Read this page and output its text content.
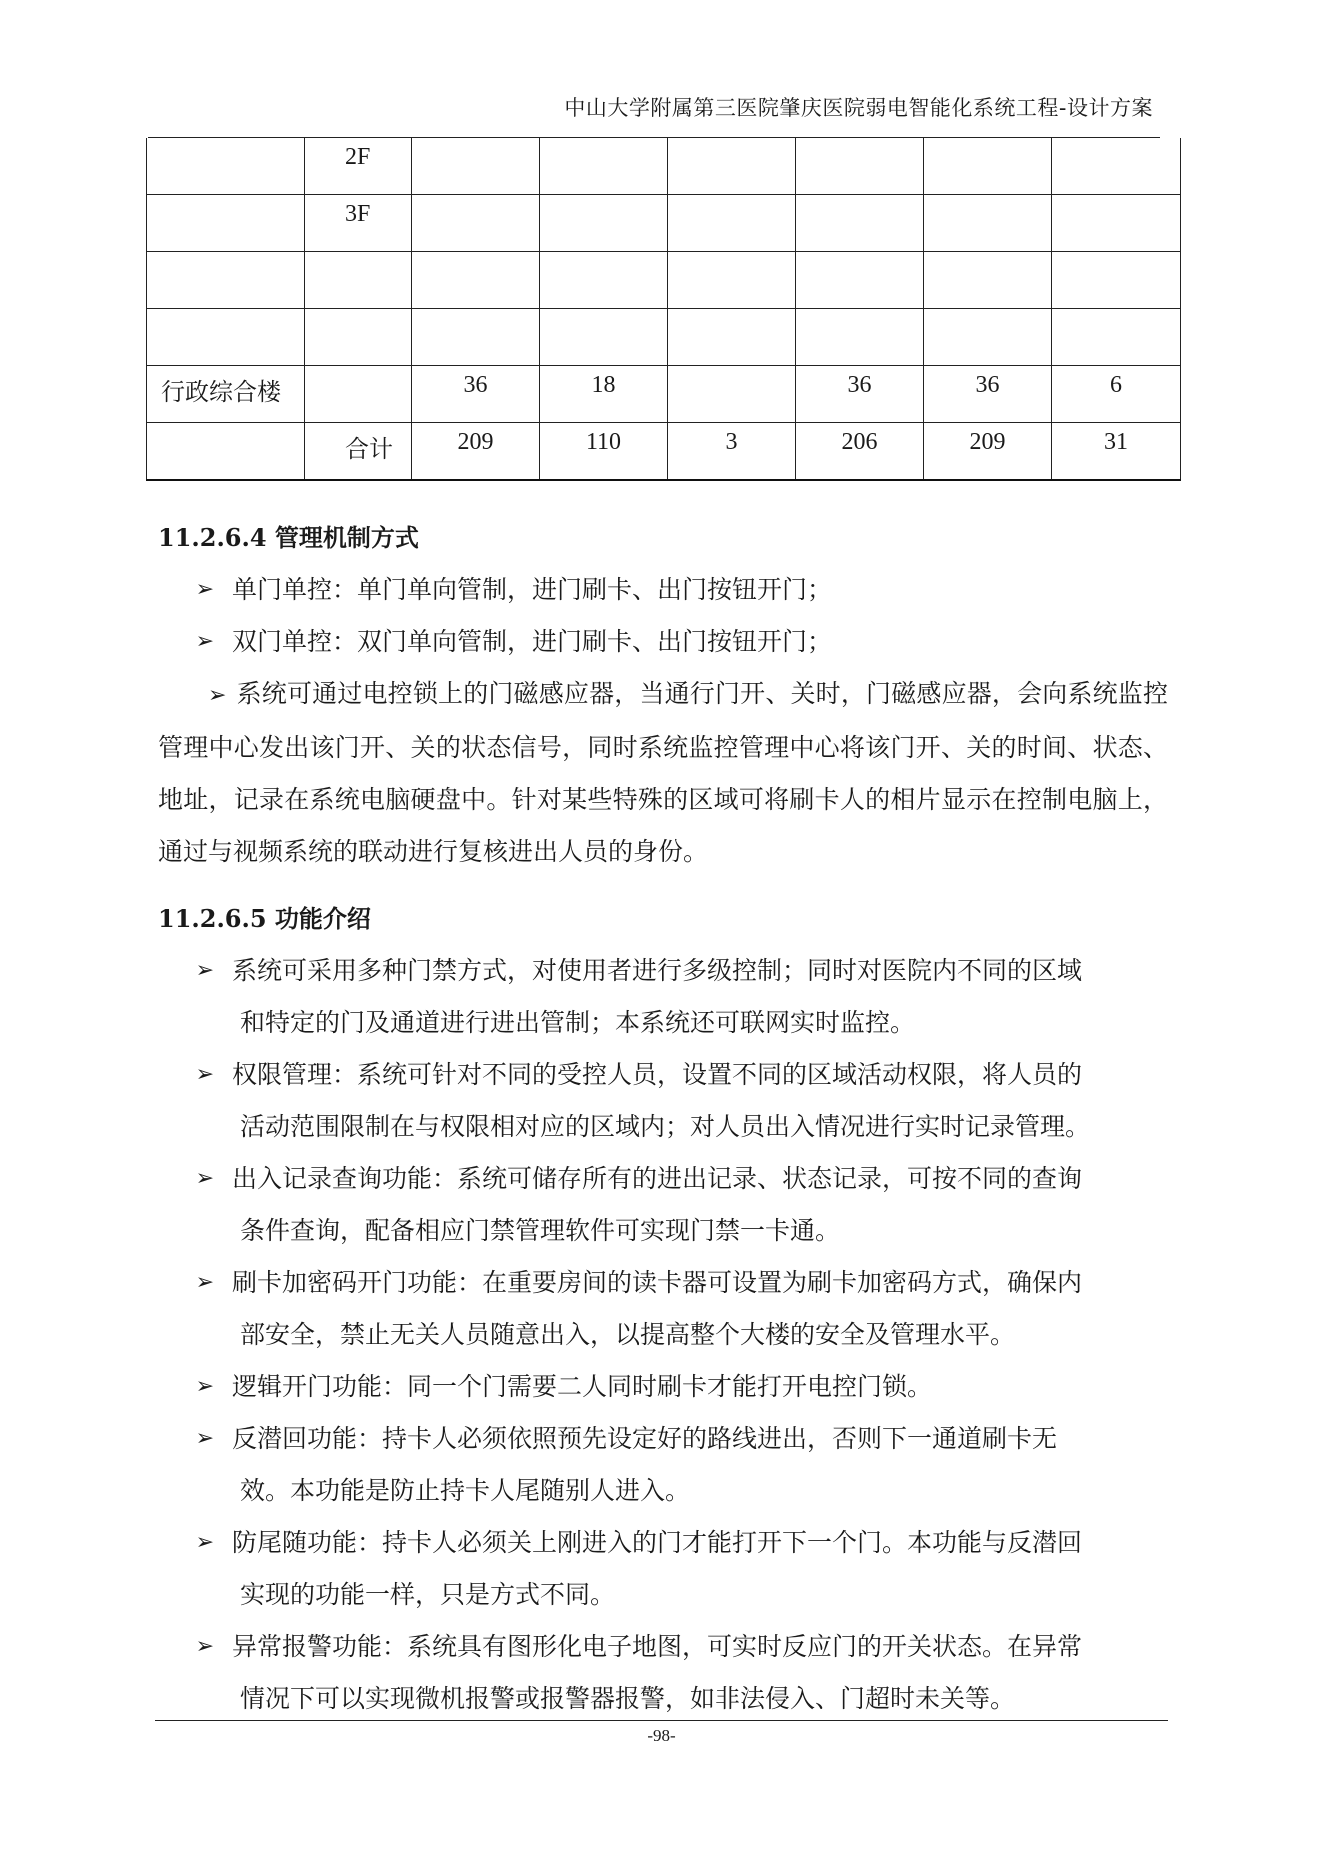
中山大学附属第三医院肇庆医院弱电智能化系统工程-设计方案
	2F						
	3F						

行政综合楼		36	18		36	36	6
	合计	209	110	3	206	209	31
11.2.6.4 管理机制方式
➢ 单门单控：单门单向管制，进门刷卡、出门按钮开门；
➢ 双门单控：双门单向管制，进门刷卡、出门按钮开门；
➢ 系统可通过电控锁上的门磁感应器，当通行门开、关时，门磁感应器，会向系统监控管理中心发出该门开、关的状态信号，同时系统监控管理中心将该门开、关的时间、状态、地址，记录在系统电脑硬盘中。针对某些特殊的区域可将刷卡人的相片显示在控制电脑上，通过与视频系统的联动进行复核进出人员的身份。
11.2.6.5 功能介绍
➢ 系统可采用多种门禁方式，对使用者进行多级控制；同时对医院内不同的区域
和特定的门及通道进行进出管制；本系统还可联网实时监控。
➢ 权限管理：系统可针对不同的受控人员，设置不同的区域活动权限，将人员的
活动范围限制在与权限相对应的区域内；对人员出入情况进行实时记录管理。
➢ 出入记录查询功能：系统可储存所有的进出记录、状态记录，可按不同的查询
条件查询，配备相应门禁管理软件可实现门禁一卡通。
➢ 刷卡加密码开门功能：在重要房间的读卡器可设置为刷卡加密码方式，确保内
部安全，禁止无关人员随意出入，以提高整个大楼的安全及管理水平。
➢ 逻辑开门功能：同一个门需要二人同时刷卡才能打开电控门锁。
➢ 反潜回功能：持卡人必须依照预先设定好的路线进出，否则下一通道刷卡无
效。本功能是防止持卡人尾随别人进入。
➢ 防尾随功能：持卡人必须关上刚进入的门才能打开下一个门。本功能与反潜回
实现的功能一样，只是方式不同。
➢ 异常报警功能：系统具有图形化电子地图，可实时反应门的开关状态。在异常
情况下可以实现微机报警或报警器报警，如非法侵入、门超时未关等。
-98-
